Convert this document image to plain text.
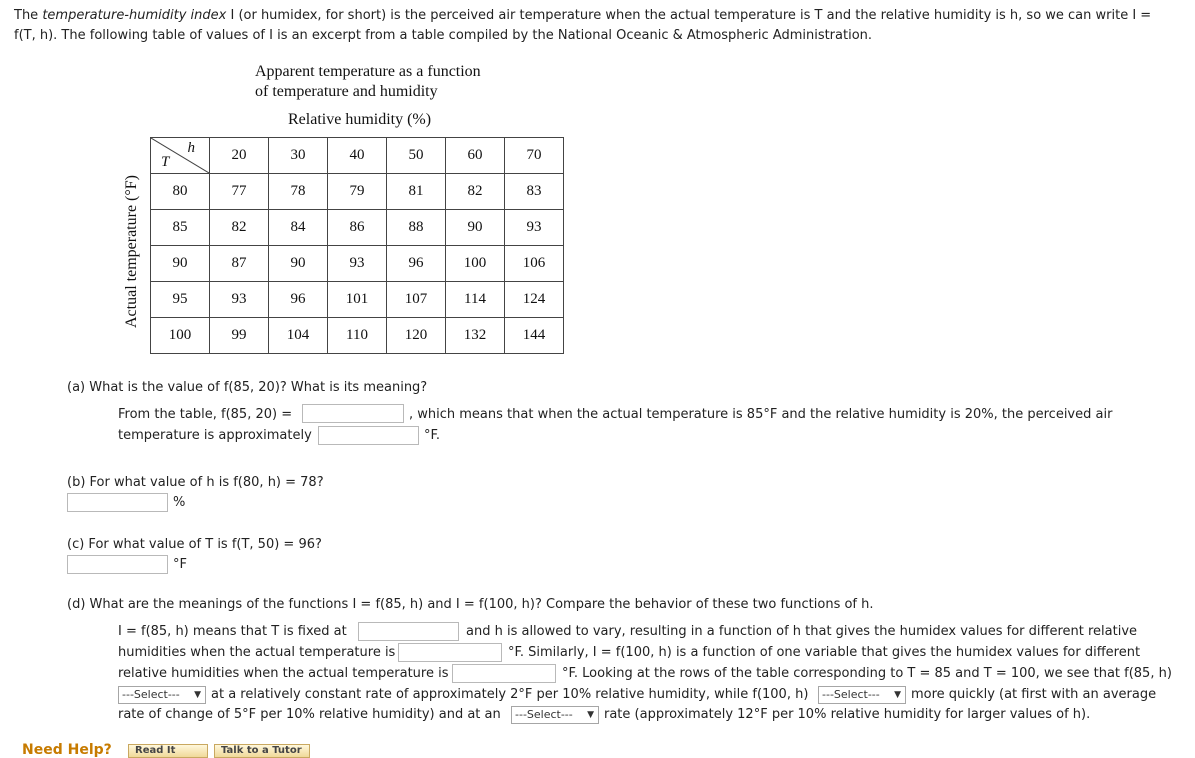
The temperature-humidity index I (or humidex, for short) is the perceived air temperature when the actual temperature is T and the relative humidity is h, so we can write I =
f(T, h). The following table of values of I is an excerpt from a table compiled by the National Oceanic & Atmospheric Administration.
Apparent temperature as a function
of temperature and humidity
Relative humidity (%)
Actual temperature (°F)
h
T	20	30	40	50	60	70
80	77	78	79	81	82	83
85	82	84	86	88	90	93
90	87	90	93	96	100	106
95	93	96	101	107	114	124
100	99	104	110	120	132	144
(a) What is the value of f(85, 20)? What is its meaning?
From the table, f(85, 20) =	, which means that when the actual temperature is 85°F and the relative humidity is 20%, the perceived air
temperature is approximately	°F.
(b) For what value of h is f(80, h) = 78?
%
(c) For what value of T is f(T, 50) = 96?
°F
(d) What are the meanings of the functions I = f(85, h) and I = f(100, h)? Compare the behavior of these two functions of h.
I = f(85, h) means that T is fixed at	and h is allowed to vary, resulting in a function of h that gives the humidex values for different relative
humidities when the actual temperature is	°F. Similarly, I = f(100, h) is a function of one variable that gives the humidex values for different
relative humidities when the actual temperature is	°F. Looking at the rows of the table corresponding to T = 85 and T = 100, we see that f(85, h)
---Select--- ▼ at a relatively constant rate of approximately 2°F per 10% relative humidity, while f(100, h)	---Select--- ▼ more quickly (at first with an average
rate of change of 5°F per 10% relative humidity) and at an	---Select--- ▼ rate (approximately 12°F per 10% relative humidity for larger values of h).
Need Help?	Read It	Talk to a Tutor
